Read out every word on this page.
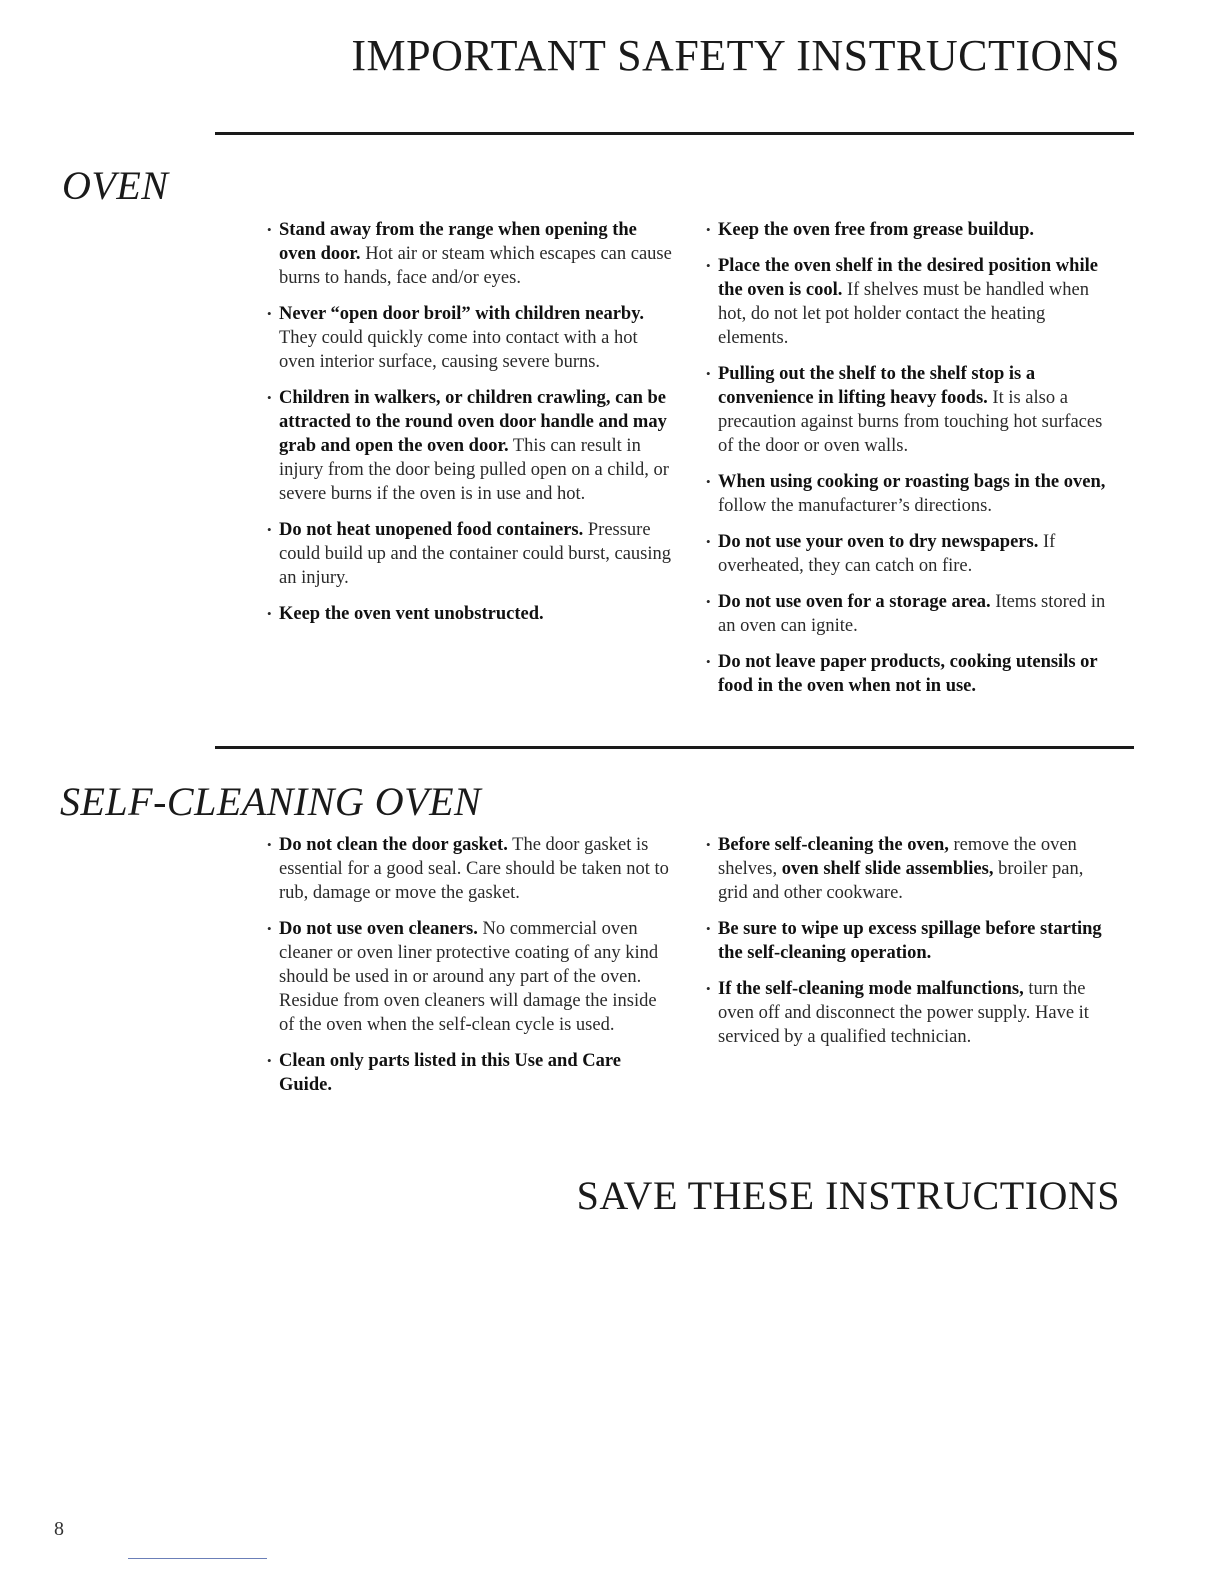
IMPORTANT SAFETY INSTRUCTIONS
OVEN
• Stand away from the range when opening the oven door. Hot air or steam which escapes can cause burns to hands, face and/or eyes.
• Never “open door broil” with children nearby. They could quickly come into contact with a hot oven interior surface, causing severe burns.
• Children in walkers, or children crawling, can be attracted to the round oven door handle and may grab and open the oven door. This can result in injury from the door being pulled open on a child, or severe burns if the oven is in use and hot.
• Do not heat unopened food containers. Pressure could build up and the container could burst, causing an injury.
• Keep the oven vent unobstructed.
• Keep the oven free from grease buildup.
• Place the oven shelf in the desired position while the oven is cool. If shelves must be handled when hot, do not let pot holder contact the heating elements.
• Pulling out the shelf to the shelf stop is a convenience in lifting heavy foods. It is also a precaution against burns from touching hot surfaces of the door or oven walls.
• When using cooking or roasting bags in the oven, follow the manufacturer’s directions.
• Do not use your oven to dry newspapers. If overheated, they can catch on fire.
• Do not use oven for a storage area. Items stored in an oven can ignite.
• Do not leave paper products, cooking utensils or food in the oven when not in use.
SELF-CLEANING OVEN
• Do not clean the door gasket. The door gasket is essential for a good seal. Care should be taken not to rub, damage or move the gasket.
• Do not use oven cleaners. No commercial oven cleaner or oven liner protective coating of any kind should be used in or around any part of the oven. Residue from oven cleaners will damage the inside of the oven when the self-clean cycle is used.
• Clean only parts listed in this Use and Care Guide.
• Before self-cleaning the oven, remove the oven shelves, oven shelf slide assemblies, broiler pan, grid and other cookware.
• Be sure to wipe up excess spillage before starting the self-cleaning operation.
• If the self-cleaning mode malfunctions, turn the oven off and disconnect the power supply. Have it serviced by a qualified technician.
SAVE THESE INSTRUCTIONS
8
